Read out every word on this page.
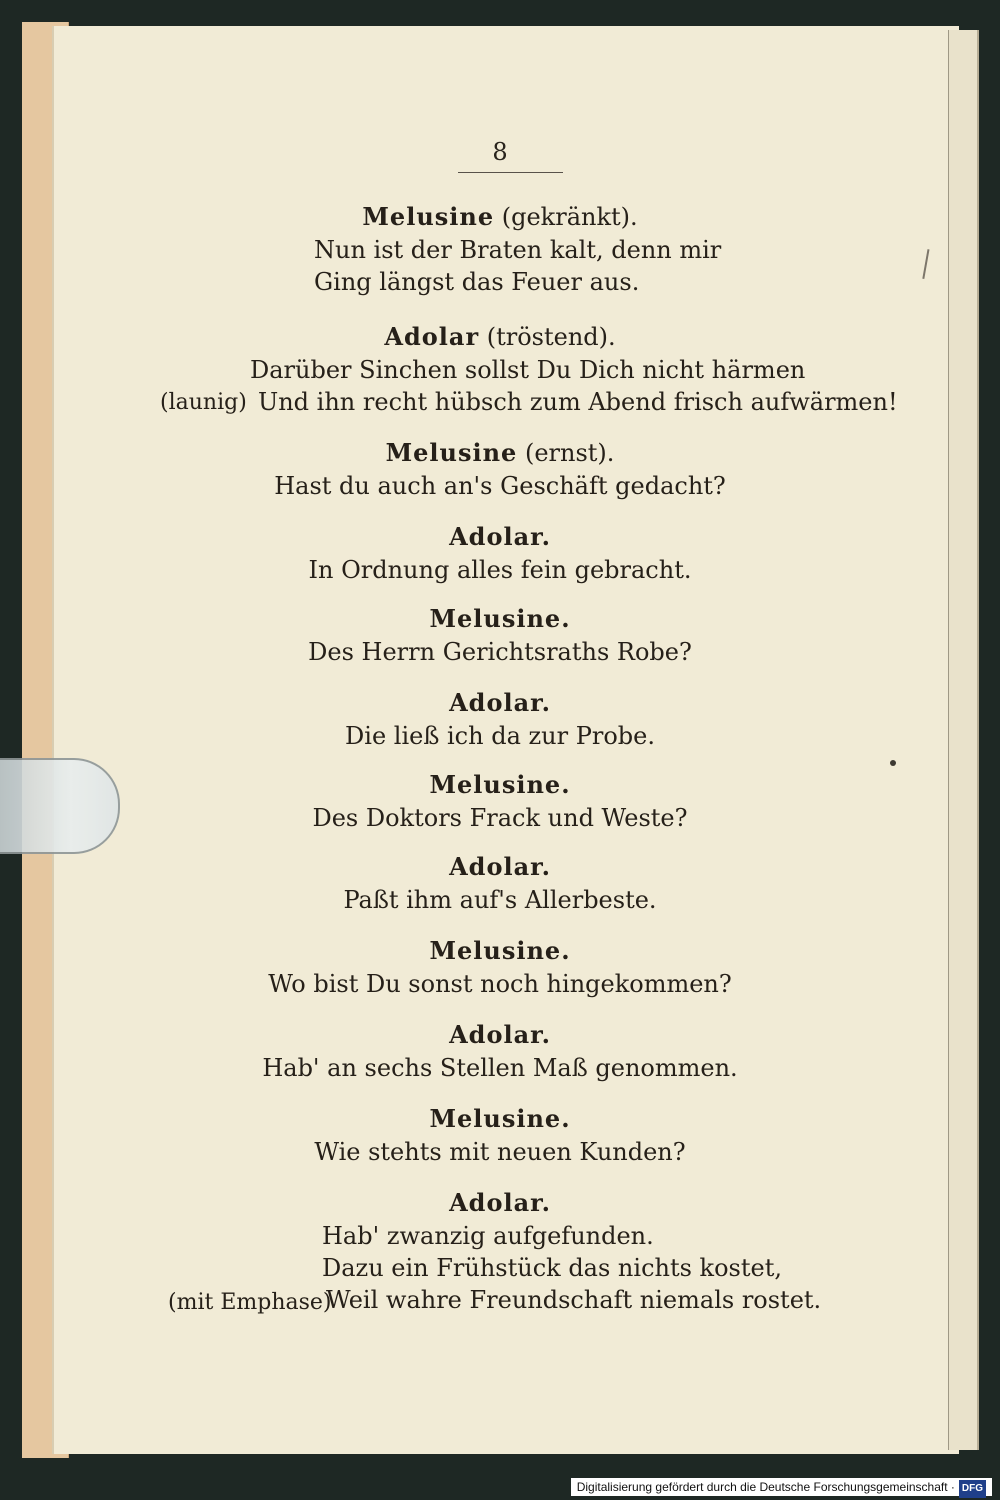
8
Melusine (gekränkt).
Nun ist der Braten kalt, denn mir
Ging längst das Feuer aus.
Adolar (tröstend).
Darüber Sinchen sollst Du Dich nicht härmen
(launig) Und ihn recht hübsch zum Abend frisch aufwärmen!
Melusine (ernst).
Hast du auch an's Geschäft gedacht?
Adolar.
In Ordnung alles fein gebracht.
Melusine.
Des Herrn Gerichtsraths Robe?
Adolar.
Die ließ ich da zur Probe.
Melusine.
Des Doktors Frack und Weste?
Adolar.
Paßt ihm auf's Allerbeste.
Melusine.
Wo bist Du sonst noch hingekommen?
Adolar.
Hab' an sechs Stellen Maß genommen.
Melusine.
Wie stehts mit neuen Kunden?
Adolar.
Hab' zwanzig aufgefunden.
Dazu ein Frühstück das nichts kostet,
(mit Emphase)
Weil wahre Freundschaft niemals rostet.
Digitalisierung gefördert durch die Deutsche Forschungsgemeinschaft · DFG
